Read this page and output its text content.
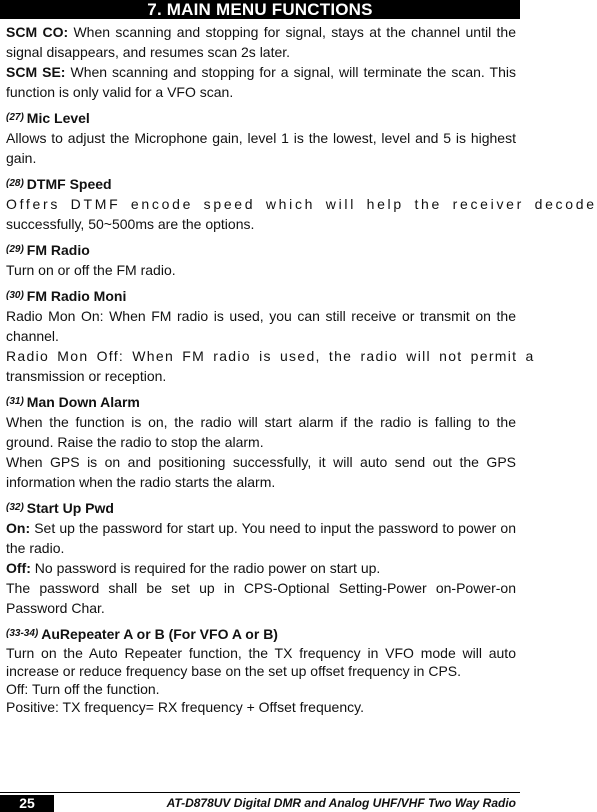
7. MAIN MENU FUNCTIONS

SCM CO: When scanning and stopping for signal, stays at the channel until the signal disappears, and resumes scan 2s later.

SCM SE: When scanning and stopping for a signal, will terminate the scan. This function is only valid for a VFO scan.

$^{(27)}$ Mic Level

Allows to adjust the Microphone gain, level 1 is the lowest, level and 5 is highest gain.

$^{(28)}$ DTMF Speed

Offers DTMF encode speed which will help the receiver decode

successfully, 50~500ms are the options.

$^{(29)}$ FM Radio

Turn on or off the FM radio.

$^{(30)}$ FM Radio Moni

Radio Mon On: When FM radio is used, you can still receive or transmit on the channel.

Radio Mon Off: When FM radio is used, the radio will not permit a

transmission or reception.

$^{(31)}$ Man Down Alarm

When the function is on, the radio will start alarm if the radio is falling to the ground. Raise the radio to stop the alarm.

When GPS is on and positioning successfully, it will auto send out the GPS information when the radio starts the alarm.

$^{(32)}$ Start Up Pwd

On: Set up the password for start up. You need to input the password to power on the radio.

Off: No password is required for the radio power on start up.

The password shall be set up in CPS-Optional Setting-Power on-Power-on Password Char.

$^{(33-34)}$ AuRepeater A or B (For VFO A or B)

Turn on the Auto Repeater function, the TX frequency in VFO mode will auto increase or reduce frequency base on the set up offset frequency in CPS.

Off: Turn off the function.

Positive: TX frequency= RX frequency + Offset frequency.

25	AT-D878UV Digital DMR and Analog UHF/VHF Two Way Radio
